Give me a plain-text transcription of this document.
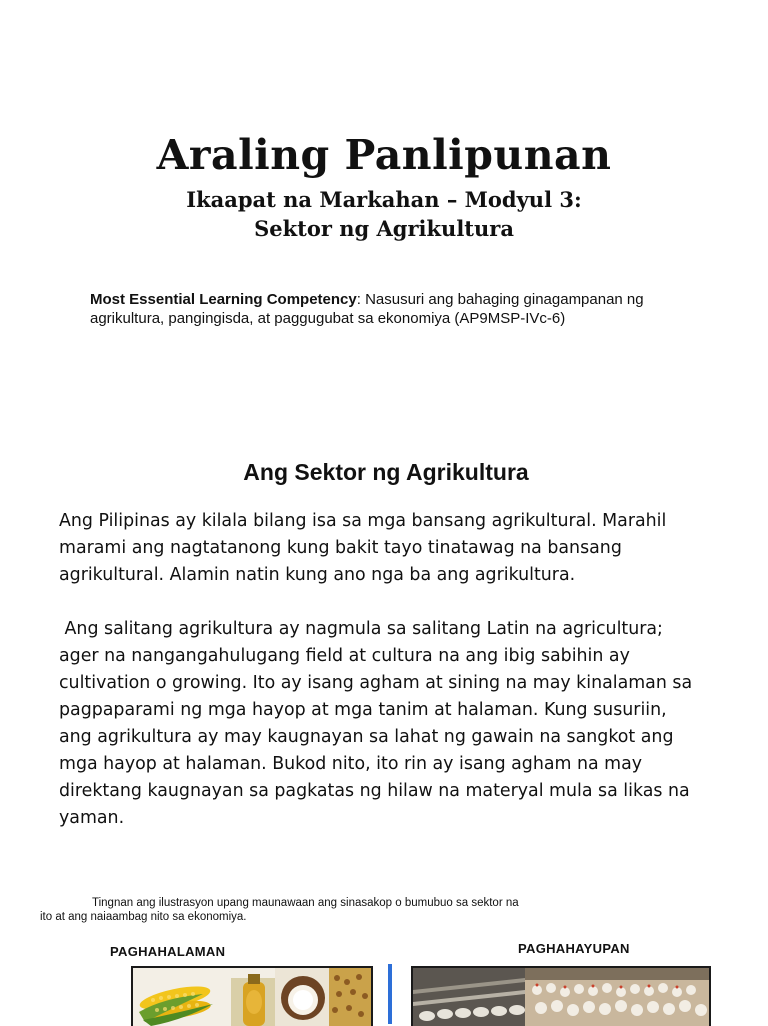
Araling Panlipunan
Ikaapat na Markahan – Modyul 3:
Sektor ng Agrikultura
Most Essential Learning Competency: Nasusuri ang bahaging ginagampanan ng
agrikultura, pangingisda, at paggugubat sa ekonomiya (AP9MSP-IVc-6)
Ang Sektor ng Agrikultura
Ang Pilipinas ay kilala bilang isa sa mga bansang agrikultural. Marahil
marami ang nagtatanong kung bakit tayo tinatawag na bansang
agrikultural. Alamin natin kung ano nga ba ang agrikultura.
Ang salitang agrikultura ay nagmula sa salitang Latin na agricultura;
ager na nangangahulugang field at cultura na ang ibig sabihin ay
cultivation o growing. Ito ay isang agham at sining na may kinalaman sa
pagpaparami ng mga hayop at mga tanim at halaman. Kung susuriin,
ang agrikultura ay may kaugnayan sa lahat ng gawain na sangkot ang
mga hayop at halaman. Bukod nito, ito rin ay isang agham na may
direktang kaugnayan sa pagkatas ng hilaw na materyal mula sa likas na
yaman.
Tingnan ang ilustrasyon upang maunawaan ang sinasakop o bumubuo sa sektor na
ito at ang naiaambag nito sa ekonomiya.
PAGHAHALAMAN	PAGHAHAYUPAN
